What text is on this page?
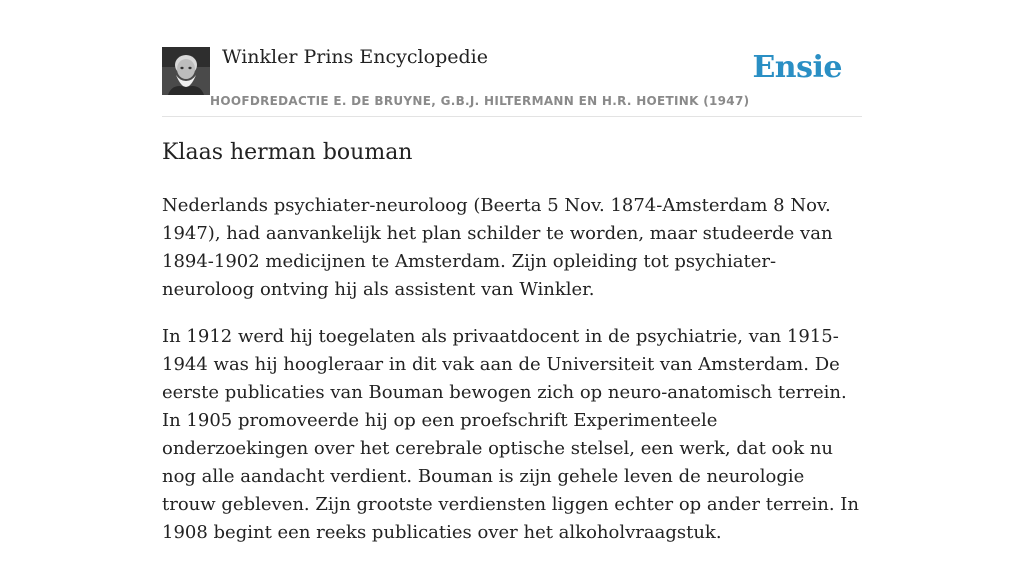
Winkler Prins Encyclopedie
HOOFDREDACTIE E. DE BRUYNE, G.B.J. HILTERMANN EN H.R. HOETINK (1947)
Ensie
Klaas herman bouman

Nederlands psychiater-neuroloog (Beerta 5 Nov. 1874-Amsterdam 8 Nov. 1947), had aanvankelijk het plan schilder te worden, maar studeerde van 1894-1902 medicijnen te Amsterdam. Zijn opleiding tot psychiater-neuroloog ontving hij als assistent van Winkler.

In 1912 werd hij toegelaten als privaatdocent in de psychiatrie, van 1915-1944 was hij hoogleraar in dit vak aan de Universiteit van Amsterdam. De eerste publicaties van Bouman bewogen zich op neuro-anatomisch terrein. In 1905 promoveerde hij op een proefschrift Experimenteele onderzoekingen over het cerebrale optische stelsel, een werk, dat ook nu nog alle aandacht verdient. Bouman is zijn gehele leven de neurologie trouw gebleven. Zijn grootste verdiensten liggen echter op ander terrein. In 1908 begint een reeks publicaties over het alkoholvraagstuk.
